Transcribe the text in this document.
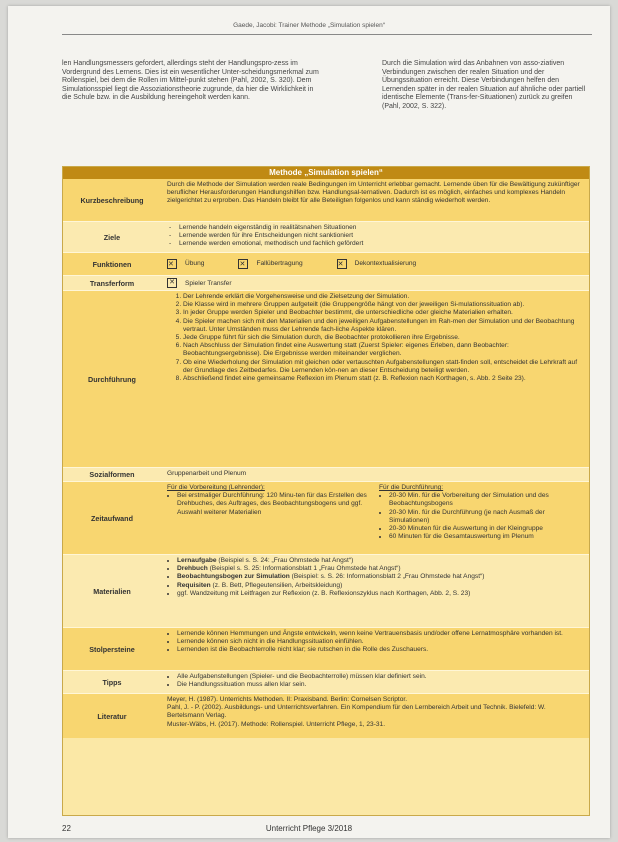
Gaede, Jacobi: Trainer Methode „Simulation spielen“
len Handlungsmessers gefordert, allerdings steht der Handlungspro-zess im Vordergrund des Lernens. Dies ist ein wesentlicher Unter-scheidungsmerkmal zum Rollenspiel, bei dem die Rollen im Mittel-punkt stehen (Pahl, 2002, S. 320). Dem Simulationsspiel liegt die Assoziationstheorie zugrunde, da hier die Wirklichkeit in die Schule bzw. in die Ausbildung hereingeholt werden kann.
Durch die Simulation wird das Anbahnen von asso-ziativen Verbindungen zwischen der realen Situation und der Übungssituation erreicht. Diese Verbindungen helfen den Lernenden später in der realen Situation auf ähnliche oder partiell identische Elemente (Trans-fer-Situationen) zurück zu greifen (Pahl, 2002, S. 322).
Methode „Simulation spielen“
Kurzbeschreibung
Durch die Methode der Simulation werden reale Bedingungen im Unterricht erlebbar gemacht. Lernende üben für die Bewältigung zukünftiger beruflicher Herausforderungen Handlungshilfen bzw. Handlungsal-ternativen. Dadurch ist es möglich, einfaches und komplexes Handeln zielgerichtet zu erproben. Das Handeln bleibt für alle Beteiligten folgenlos und kann ständig wiederholt werden.
Ziele
- Lernende handeln eigenständig in realitätsnahen Situationen
- Lernende werden für ihre Entscheidungen nicht sanktioniert
- Lernende werden emotional, methodisch und fachlich gefördert
Funktionen	✕	Übung	✕	Fallübertragung	✕	Dekontextualisierung
Transferform	✕ Spieler Transfer
Durchführung
1. Der Lehrende erklärt die Vorgehensweise und die Zielsetzung der Simulation.
2. Die Klasse wird in mehrere Gruppen aufgeteilt (die Gruppengröße hängt von der jeweiligen Si-mulationssituation ab).
3. In jeder Gruppe werden Spieler und Beobachter bestimmt, die unterschiedliche oder gleiche Materialien erhalten.
4. Die Spieler machen sich mit den Materialien und den jeweiligen Aufgabenstellungen im Rah-men der Simulation und der Beobachtung vertraut. Unter Umständen muss der Lehrende fach-liche Aspekte klären.
5. Jede Gruppe führt für sich die Simulation durch, die Beobachter protokollieren ihre Ergebnisse.
6. Nach Abschluss der Simulation findet eine Auswertung statt (Zuerst Spieler: eigenes Erleben, dann Beobachter: Beobachtungsergebnisse). Die Ergebnisse werden miteinander verglichen.
7. Ob eine Wiederholung der Simulation mit gleichen oder vertauschten Aufgabenstellungen statt-finden soll, entscheidet die Lehrkraft auf der Grundlage des Zeitbedarfes. Die Lernenden kön-nen an dieser Entscheidung beteiligt werden.
8. Abschließend findet eine gemeinsame Reflexion im Plenum statt (z. B. Reflexion nach Korthagen, s. Abb. 2 Seite 23).
Sozialformen	Gruppenarbeit und Plenum
Zeitaufwand
Für die Vorbereitung (Lehrender):
• Bei erstmaliger Durchführung: 120 Minu-ten für das Erstellen des Drehbuches, des Auftrages, des Beobachtungsbogens und ggf. Auswahl weiterer Materialien
Für die Durchführung:
• 20-30 Min. für die Vorbereitung der Simulation und des Beobachtungsbogens
• 20-30 Min. für die Durchführung (je nach Ausmaß der Simulationen)
• 20-30 Minuten für die Auswertung in der Kleingruppe
• 60 Minuten für die Gesamtauswertung im Plenum
Materialien
• Lernaufgabe (Beispiel s. S. 24: „Frau Ohmstede hat Angst“)
• Drehbuch (Beispiel s. S. 25: Informationsblatt 1 „Frau Ohmstede hat Angst“)
• Beobachtungsbogen zur Simulation (Beispiel: s. S. 26: Informationsblatt 2 „Frau Ohmstede hat Angst“)
• Requisiten (z. B. Bett, Pflegeutensilien, Arbeitskleidung)
• ggf. Wandzeitung mit Leitfragen zur Reflexion (z. B. Reflexionszyklus nach Korthagen, Abb. 2, S. 23)
Stolpersteine
• Lernende können Hemmungen und Ängste entwickeln, wenn keine Vertrauensbasis und/oder offene Lernatmosphäre vorhanden ist.
• Lernende können sich nicht in die Handlungssituation einfühlen.
• Lernenden ist die Beobachterrolle nicht klar; sie rutschen in die Rolle des Zuschauers.
Tipps
• Alle Aufgabenstellungen (Spieler- und die Beobachterrolle) müssen klar definiert sein.
• Die Handlungssituation muss allen klar sein.
Literatur
Meyer, H. (1987). Unterrichts Methoden. II: Praxisband. Berlin: Cornelsen Scriptor.
Pahl, J. - P. (2002). Ausbildungs- und Unterrichtsverfahren. Ein Kompendium für den Lernbereich Arbeit und Technik. Bielefeld: W. Bertelsmann Verlag.
Muster-Wäbs, H. (2017). Methode: Rollenspiel. Unterricht Pflege, 1, 23-31.
22	Unterricht Pflege 3/2018
